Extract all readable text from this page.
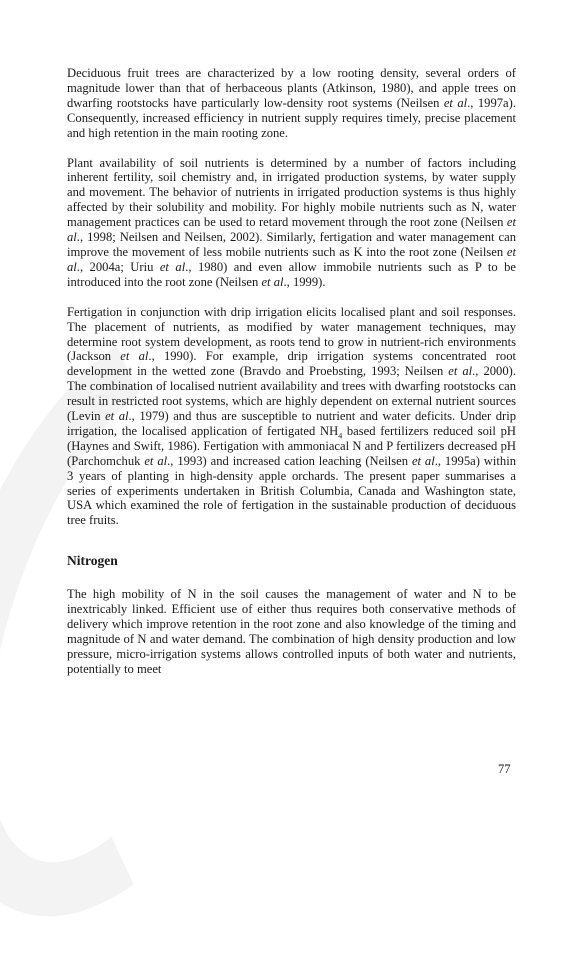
Deciduous fruit trees are characterized by a low rooting density, several orders of magnitude lower than that of herbaceous plants (Atkinson, 1980), and apple trees on dwarfing rootstocks have particularly low-density root systems (Neilsen et al., 1997a). Consequently, increased efficiency in nutrient supply requires timely, precise placement and high retention in the main rooting zone.

Plant availability of soil nutrients is determined by a number of factors including inherent fertility, soil chemistry and, in irrigated production systems, by water supply and movement. The behavior of nutrients in irrigated production systems is thus highly affected by their solubility and mobility. For highly mobile nutrients such as N, water management practices can be used to retard movement through the root zone (Neilsen et al., 1998; Neilsen and Neilsen, 2002). Similarly, fertigation and water management can improve the movement of less mobile nutrients such as K into the root zone (Neilsen et al., 2004a; Uriu et al., 1980) and even allow immobile nutrients such as P to be introduced into the root zone (Neilsen et al., 1999).

Fertigation in conjunction with drip irrigation elicits localised plant and soil responses. The placement of nutrients, as modified by water management techniques, may determine root system development, as roots tend to grow in nutrient-rich environments (Jackson et al., 1990). For example, drip irrigation systems concentrated root development in the wetted zone (Bravdo and Proebsting, 1993; Neilsen et al., 2000). The combination of localised nutrient availability and trees with dwarfing rootstocks can result in restricted root systems, which are highly dependent on external nutrient sources (Levin et al., 1979) and thus are susceptible to nutrient and water deficits. Under drip irrigation, the localised application of fertigated $NH_4$ based fertilizers reduced soil pH (Haynes and Swift, 1986). Fertigation with ammoniacal N and P fertilizers decreased pH (Parchomchuk et al., 1993) and increased cation leaching (Neilsen et al., 1995a) within 3 years of planting in high-density apple orchards. The present paper summarises a series of experiments undertaken in British Columbia, Canada and Washington state, USA which examined the role of fertigation in the sustainable production of deciduous tree fruits.

Nitrogen

The high mobility of N in the soil causes the management of water and N to be inextricably linked. Efficient use of either thus requires both conservative methods of delivery which improve retention in the root zone and also knowledge of the timing and magnitude of N and water demand. The combination of high density production and low pressure, micro-irrigation systems allows controlled inputs of both water and nutrients, potentially to meet

77
